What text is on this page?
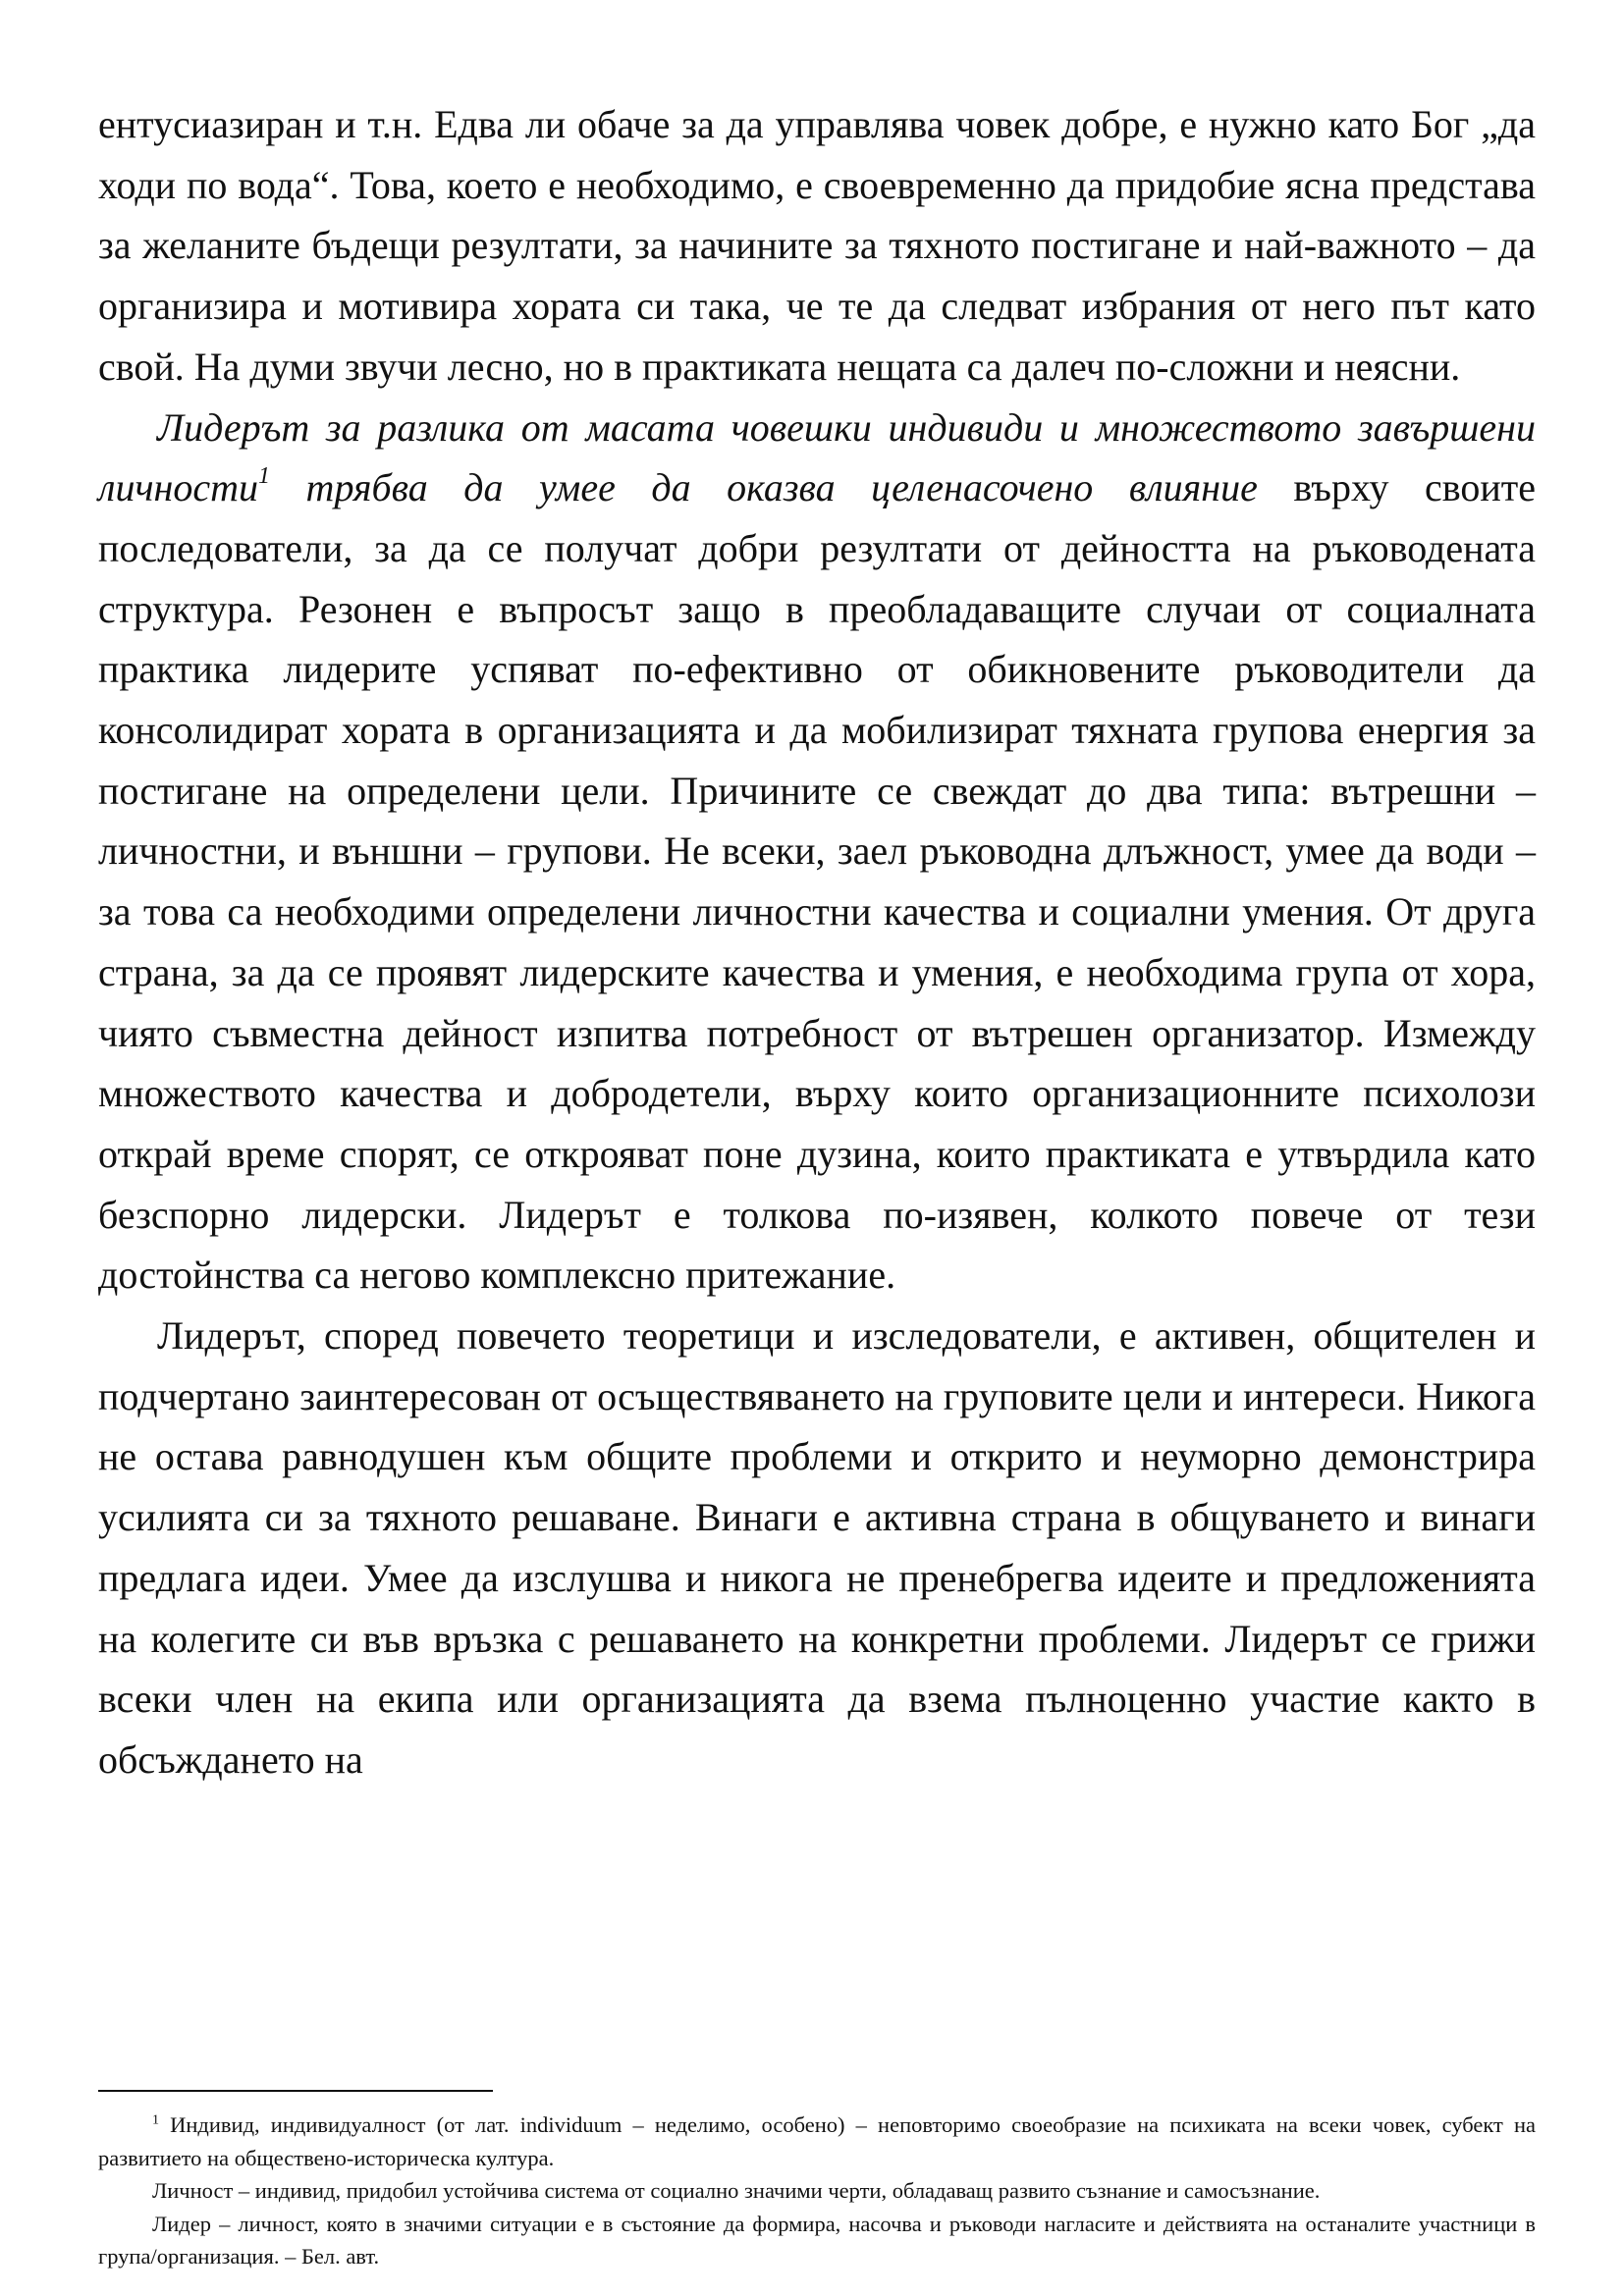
ентусиазиран и т.н. Едва ли обаче за да управлява човек добре, е нужно като Бог „да ходи по вода“. Това, което е необходимо, е своевременно да придобие ясна представа за желаните бъдещи резултати, за начините за тяхното постигане и най-важното – да организира и мотивира хората си така, че те да следват избрания от него път като свой. На думи звучи лесно, но в практиката нещата са далеч по-сложни и неясни.

Лидерът за разлика от масата човешки индивиди и множеството завършени личности$^1$ трябва да умее да оказва целенасочено влияние върху своите последователи, за да се получат добри резултати от дейността на ръководената структура. Резонен е въпросът защо в преобладаващите случаи от социалната практика лидерите успяват по-ефективно от обикновените ръководители да консолидират хората в организацията и да мобилизират тяхната групова енергия за постигане на определени цели. Причините се свеждат до два типа: вътрешни – личностни, и външни – групови. Не всеки, заел ръководна длъжност, умее да води – за това са необходими определени личностни качества и социални умения. От друга страна, за да се проявят лидерските качества и умения, е необходима група от хора, чиято съвместна дейност изпитва потребност от вътрешен организатор. Измежду множеството качества и добродетели, върху които организационните психолози открай време спорят, се открояват поне дузина, които практиката е утвърдила като безспорно лидерски. Лидерът е толкова по-изявен, колкото повече от тези достойнства са негово комплексно притежание.

Лидерът, според повечето теоретици и изследователи, е активен, общителен и подчертано заинтересован от осъществяването на груповите цели и интереси. Никога не остава равнодушен към общите проблеми и открито и неуморно демонстрира усилията си за тяхното решаване. Винаги е активна страна в общуването и винаги предлага идеи. Умее да изслушва и никога не пренебрегва идеите и предложенията на колегите си във връзка с решаването на конкретни проблеми. Лидерът се грижи всеки член на екипа или организацията да взема пълноценно участие както в обсъждането на

$^1$ Индивид, индивидуалност (от лат. individuum – неделимо, особено) – неповторимо своеобразие на психиката на всеки човек, субект на развитието на обществено-историческа култура.

Личност – индивид, придобил устойчива система от социално значими черти, обладаващ развито съзнание и самосъзнание.

Лидер – личност, която в значими ситуации е в състояние да формира, насочва и ръководи нагласите и действията на останалите участници в група/организация. – Бел. авт.
